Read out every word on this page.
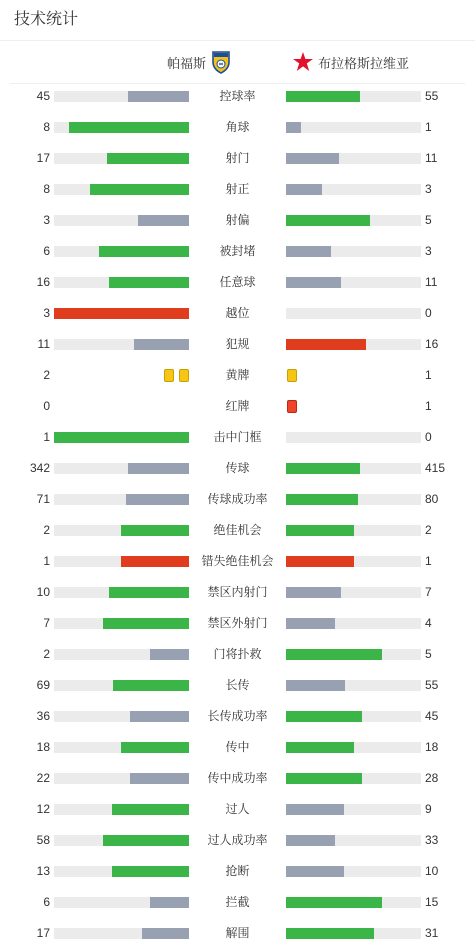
技术统计
帕福斯	布拉格斯拉维亚
45	控球率	55
8	角球	1
17	射门	11
8	射正	3
3	射偏	5
6	被封堵	3
16	任意球	11
3	越位	0
11	犯规	16
2	黄牌	1
0	红牌	1
1	击中门框	0
342	传球	415
71	传球成功率	80
2	绝佳机会	2
1	错失绝佳机会	1
10	禁区内射门	7
7	禁区外射门	4
2	门将扑救	5
69	长传	55
36	长传成功率	45
18	传中	18
22	传中成功率	28
12	过人	9
58	过人成功率	33
13	抢断	10
6	拦截	15
17	解围	31
